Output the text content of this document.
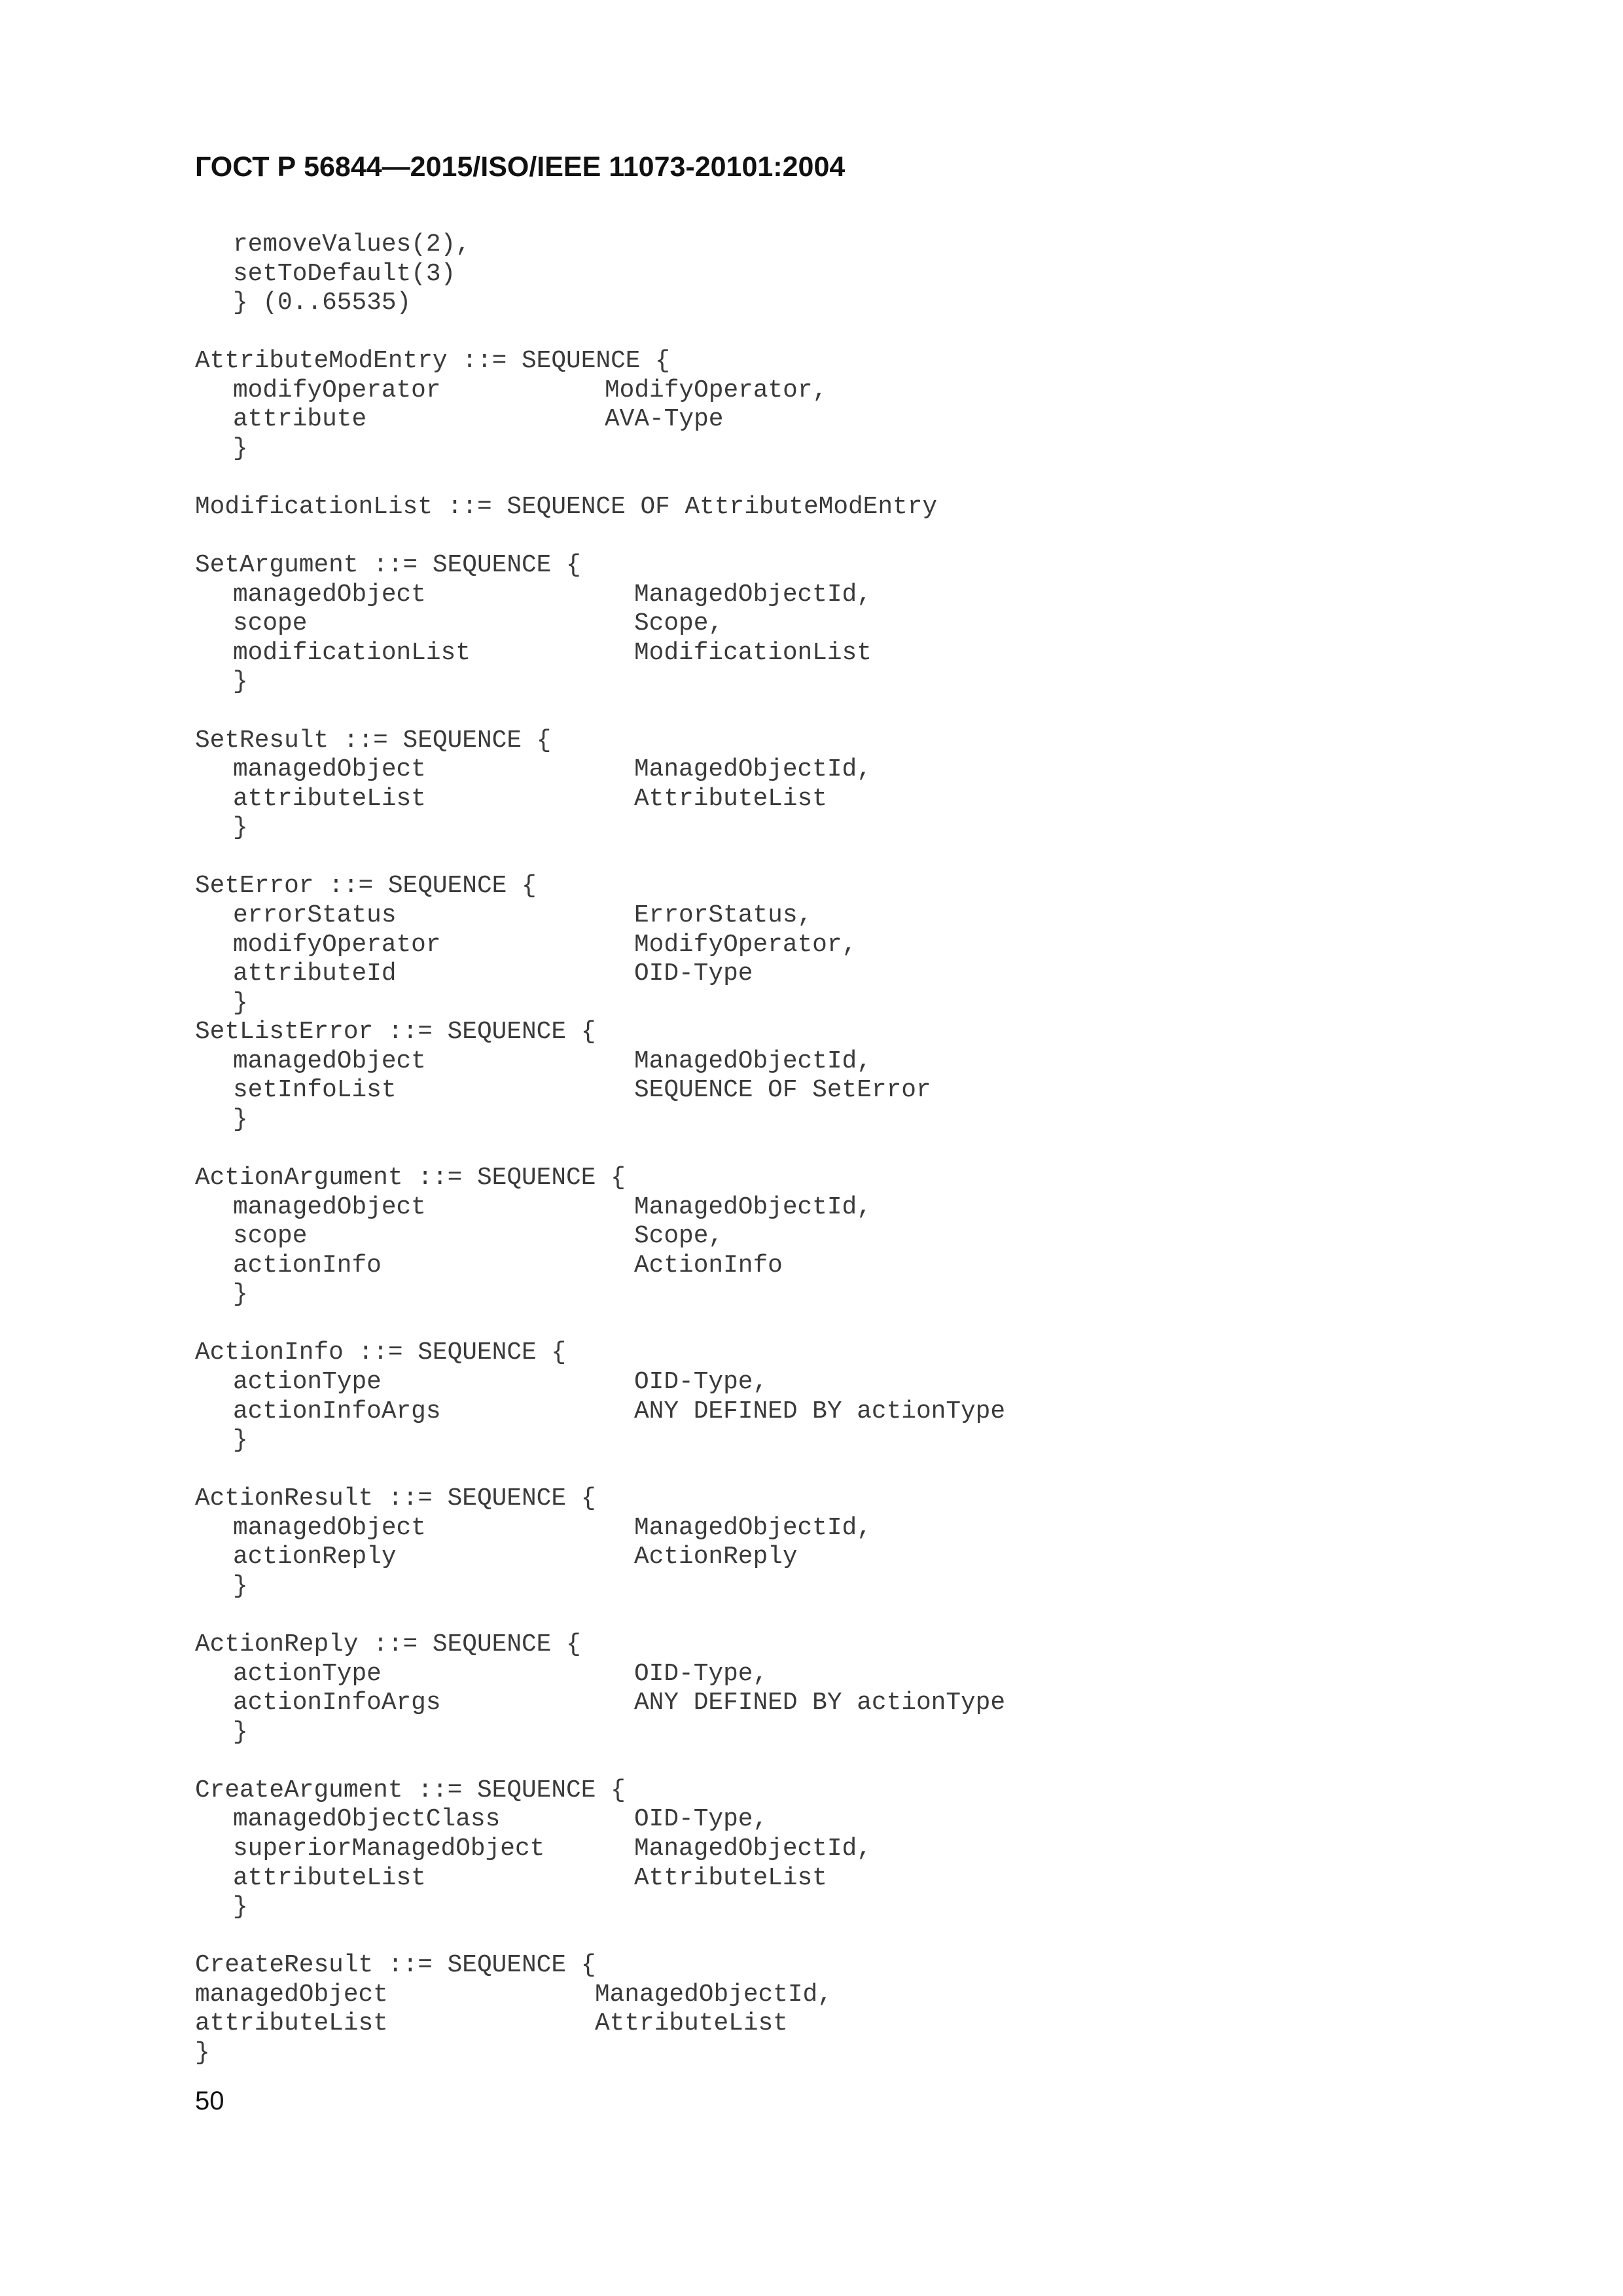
ГОСТ Р 56844—2015/ISO/IEEE 11073-20101:2004
removeValues(2),
setToDefault(3)
} (0..65535)
AttributeModEntry ::= SEQUENCE {
modifyOperator	ModifyOperator,
attribute	AVA-Type
}
ModificationList ::= SEQUENCE OF AttributeModEntry
SetArgument ::= SEQUENCE {
managedObject	ManagedObjectId,
scope	Scope,
modificationList	ModificationList
}
SetResult ::= SEQUENCE {
managedObject	ManagedObjectId,
attributeList	AttributeList
}
SetError ::= SEQUENCE {
errorStatus	ErrorStatus,
modifyOperator	ModifyOperator,
attributeId	OID-Type
}
SetListError ::= SEQUENCE {
managedObject	ManagedObjectId,
setInfoList	SEQUENCE OF SetError
}
ActionArgument ::= SEQUENCE {
managedObject	ManagedObjectId,
scope	Scope,
actionInfo	ActionInfo
}
ActionInfo ::= SEQUENCE {
actionType	OID-Type,
actionInfoArgs	ANY DEFINED BY actionType
}
ActionResult ::= SEQUENCE {
managedObject	ManagedObjectId,
actionReply	ActionReply
}
ActionReply ::= SEQUENCE {
actionType	OID-Type,
actionInfoArgs	ANY DEFINED BY actionType
}
CreateArgument ::= SEQUENCE {
managedObjectClass	OID-Type,
superiorManagedObject	ManagedObjectId,
attributeList	AttributeList
}
CreateResult ::= SEQUENCE {
managedObject	ManagedObjectId,
attributeList	AttributeList
}
50
